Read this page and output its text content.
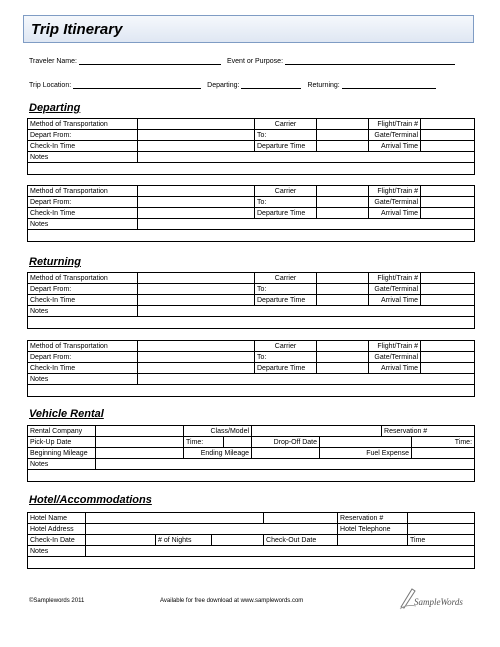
Trip Itinerary
Traveler Name:	Event or Purpose:
Trip Location:	Departing:	Returning:
Departing
Method of Transportation		Carrier		Flight/Train #	
Depart From:		To:		Gate/Terminal	
Check-In Time		Departure Time		Arrival Time	
Notes					

Method of Transportation		Carrier		Flight/Train #	
Depart From:		To:		Gate/Terminal	
Check-In Time		Departure Time		Arrival Time	
Notes					

Returning
Method of Transportation		Carrier		Flight/Train #	
Depart From:		To:		Gate/Terminal	
Check-In Time		Departure Time		Arrival Time	
Notes					

Method of Transportation		Carrier		Flight/Train #	
Depart From:		To:		Gate/Terminal	
Check-In Time		Departure Time		Arrival Time	
Notes					

Vehicle Rental
Rental Company		Class/Model				Reservation #	
Pick-Up Date		Time:		Drop-Off Date			Time:
Beginning Mileage		Ending Mileage			Fuel Expense		
Notes							

Hotel/Accommodations
Hotel Name					Reservation #	
Hotel Address					Hotel Telephone	
Check-In Date		# of Nights		Check-Out Date		Time
Notes						

©Samplewords 2011	Available for free download at www.samplewords.com	SampleWords
